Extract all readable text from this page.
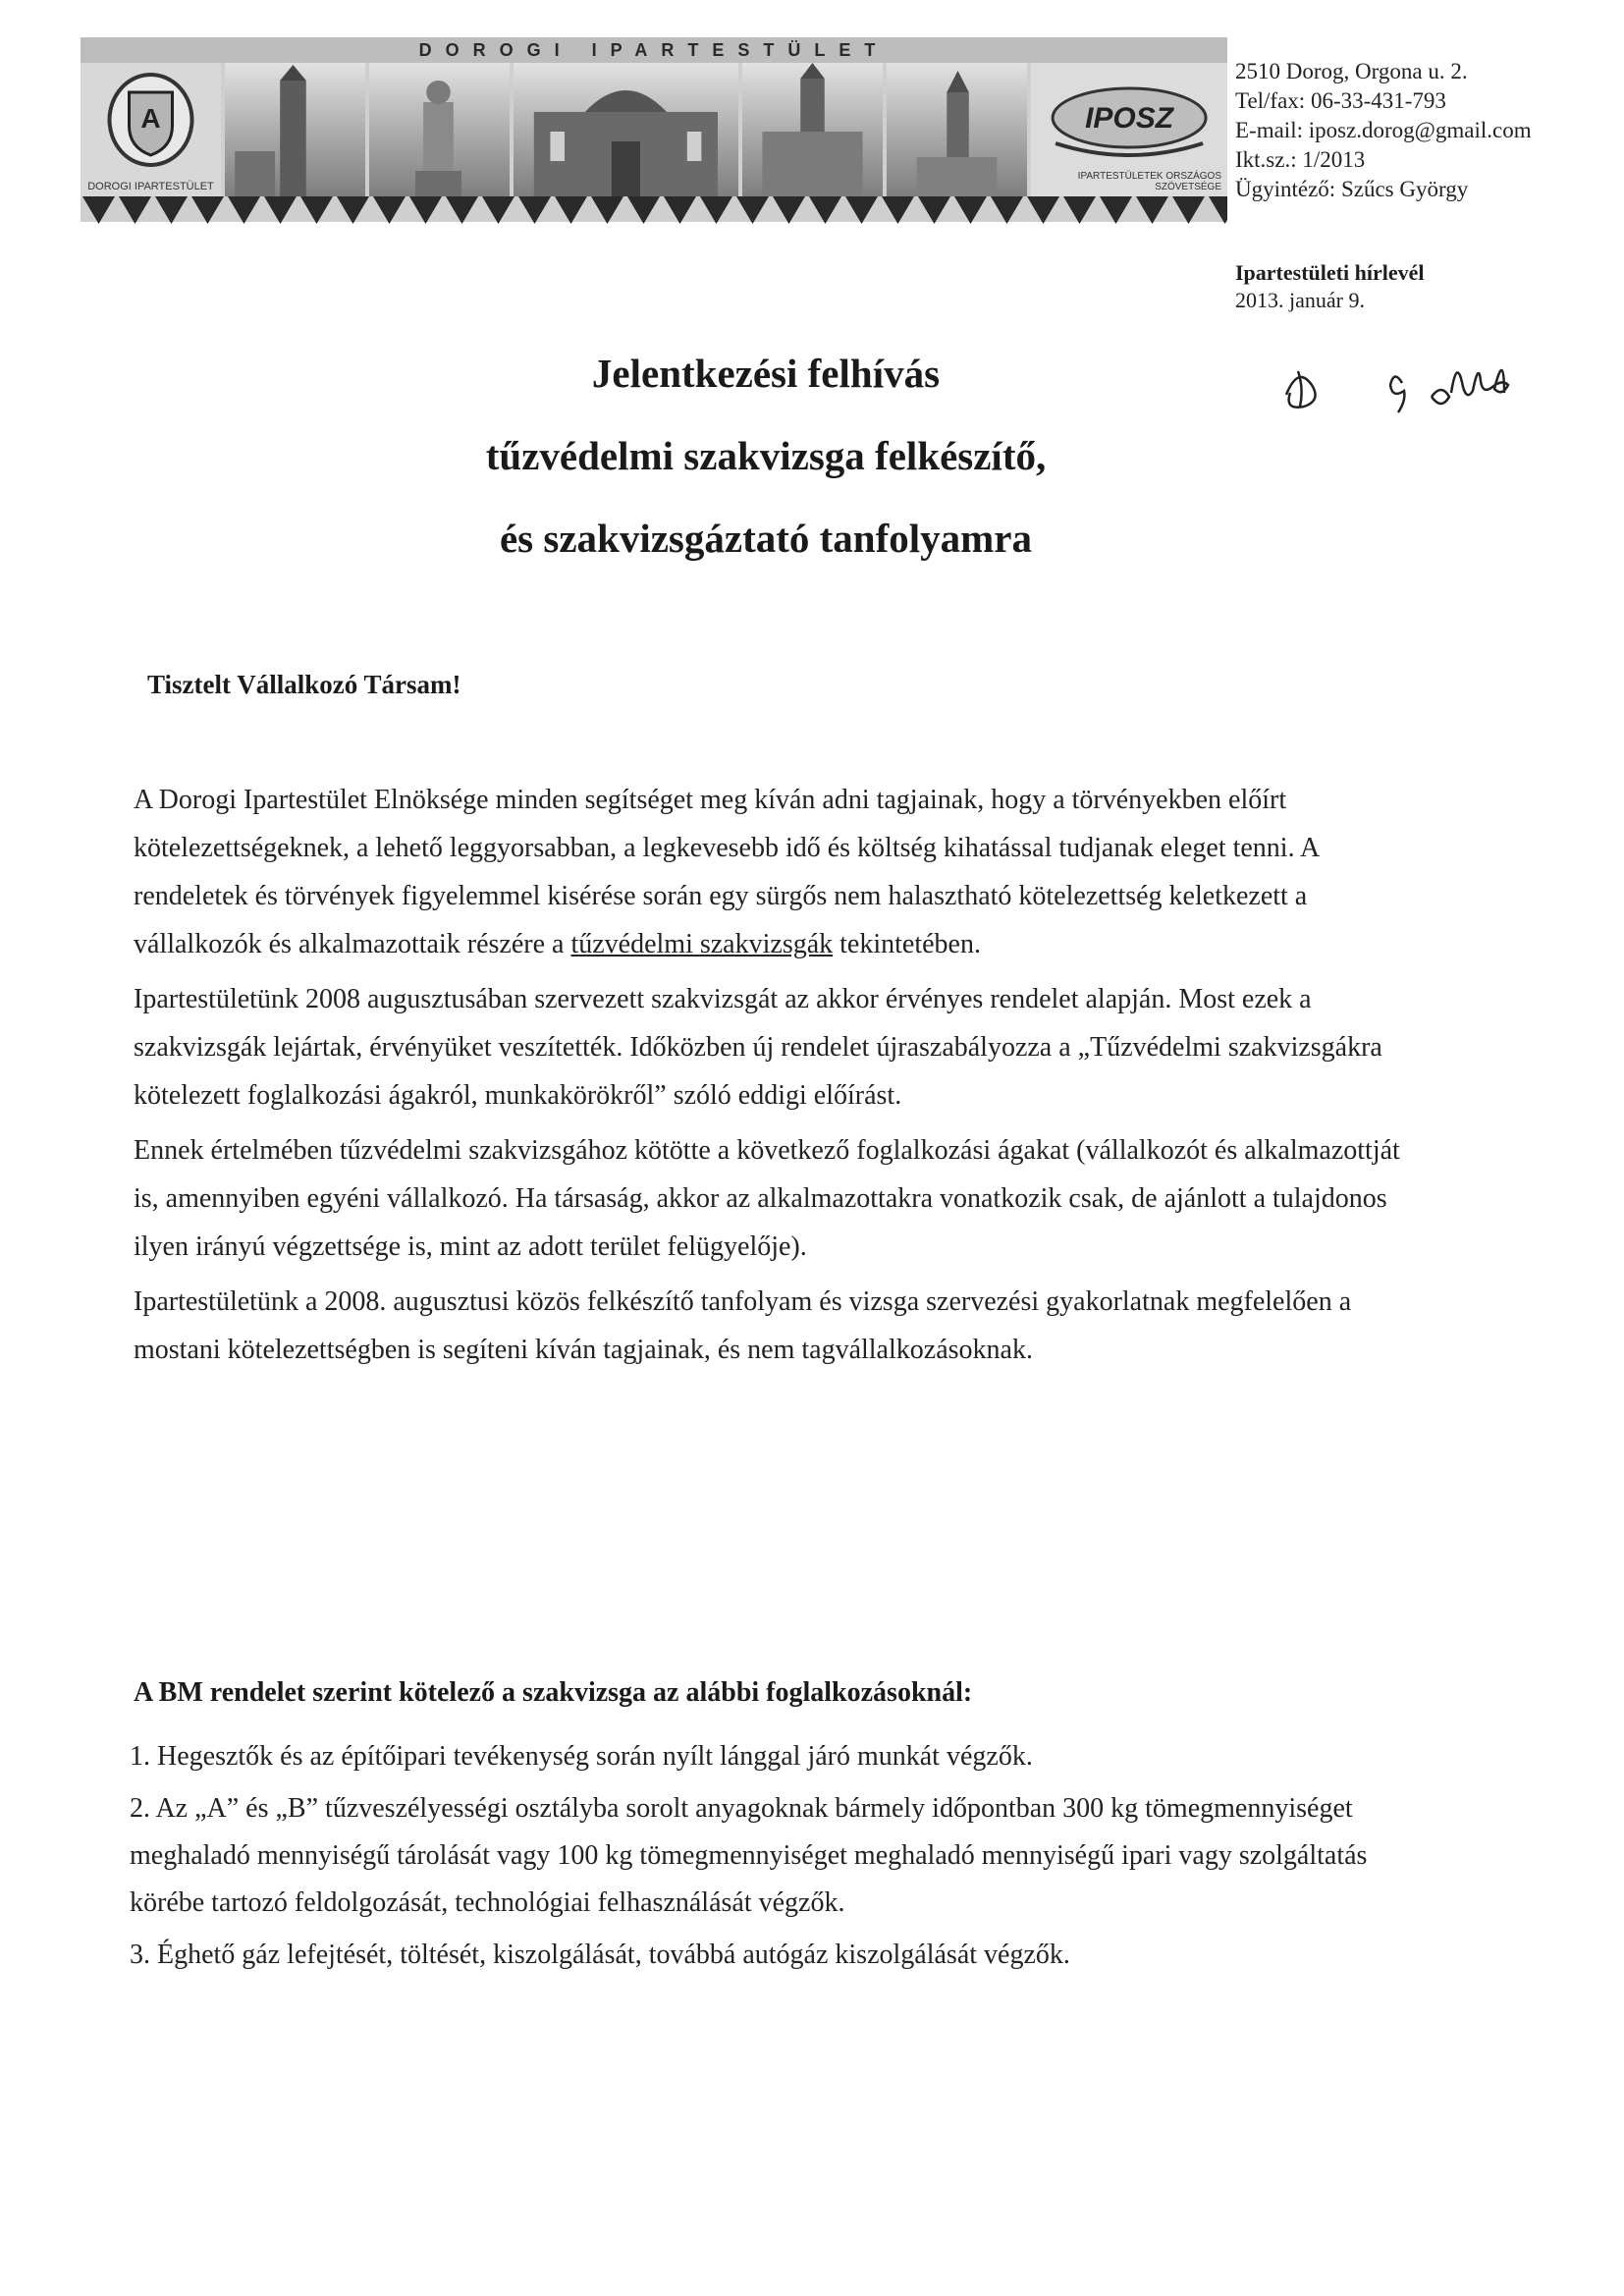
DOROGI IPARTESTÜLET
A
DOROGI IPARTESTÜLET
IPOSZ
IPARTESTÜLETEK ORSZÁGOS SZÖVETSÉGE
2510 Dorog, Orgona u. 2.
Tel/fax: 06-33-431-793
E-mail: iposz.dorog@gmail.com
Ikt.sz.: 1/2013
Ügyintéző: Szűcs György
Ipartestületi hírlevél
2013. január 9.
Jelentkezési felhívás
tűzvédelmi szakvizsga felkészítő,
és szakvizsgáztató tanfolyamra
Tisztelt Vállalkozó Társam!

A Dorogi Ipartestület Elnöksége minden segítséget meg kíván adni tagjainak, hogy a törvényekben előírt kötelezettségeknek, a lehető leggyorsabban, a legkevesebb idő és költség kihatással tudjanak eleget tenni. A rendeletek és törvények figyelemmel kisérése során egy sürgős nem halasztható kötelezettség keletkezett a vállalkozók és alkalmazottaik részére a tűzvédelmi szakvizsgák tekintetében.

Ipartestületünk 2008 augusztusában szervezett szakvizsgát az akkor érvényes rendelet alapján. Most ezek a szakvizsgák lejártak, érvényüket veszítették. Időközben új rendelet újraszabályozza a „Tűzvédelmi szakvizsgákra kötelezett foglalkozási ágakról, munkakörökről” szóló eddigi előírást.

Ennek értelmében tűzvédelmi szakvizsgához kötötte a következő foglalkozási ágakat (vállalkozót és alkalmazottját is, amennyiben egyéni vállalkozó. Ha társaság, akkor az alkalmazottakra vonatkozik csak, de ajánlott a tulajdonos ilyen irányú végzettsége is, mint az adott terület felügyelője).

Ipartestületünk a 2008. augusztusi közös felkészítő tanfolyam és vizsga szervezési gyakorlatnak megfelelően a mostani kötelezettségben is segíteni kíván tagjainak, és nem tagvállalkozásoknak.

A BM rendelet szerint kötelező a szakvizsga az alábbi foglalkozásoknál:

1. Hegesztők és az építőipari tevékenység során nyílt lánggal járó munkát végzők.

2. Az „A” és „B” tűzveszélyességi osztályba sorolt anyagoknak bármely időpontban 300 kg tömegmennyiséget meghaladó mennyiségű tárolását vagy 100 kg tömegmennyiséget meghaladó mennyiségű ipari vagy szolgáltatás körébe tartozó feldolgozását, technológiai felhasználását végzők.

3. Éghető gáz lefejtését, töltését, kiszolgálását, továbbá autógáz kiszolgálását végzők.
